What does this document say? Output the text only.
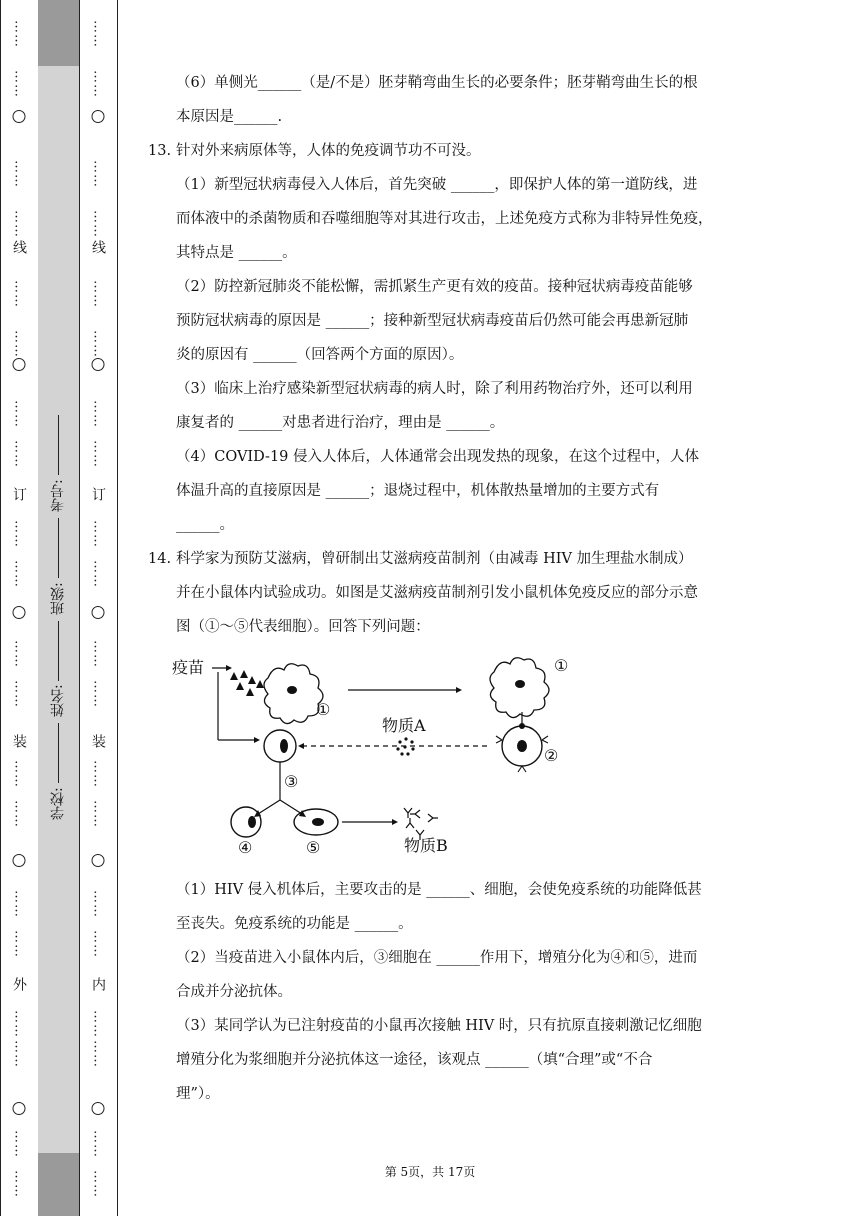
……
……
……
……
……
……
……
……
……
……
……
……
……
……
……
……
……
……
……
……
外
装
订
线
……
……
……
……
……
……
……
……
……
……
……
……
……
……
……
……
……
……
……
……
内
装
订
线
学校:
姓名:
班级:
考号:

（6）单侧光______（是/不是）胚芽鞘弯曲生长的必要条件；胚芽鞘弯曲生长的根
本原因是______.

13. 针对外来病原体等，人体的免疫调节功不可没。

（1）新型冠状病毒侵入人体后，首先突破 ______，即保护人体的第一道防线，进
而体液中的杀菌物质和吞噬细胞等对其进行攻击，上述免疫方式称为非特异性免疫，
其特点是 ______。

（2）防控新冠肺炎不能松懈，需抓紧生产更有效的疫苗。接种冠状病毒疫苗能够
预防冠状病毒的原因是 ______；接种新型冠状病毒疫苗后仍然可能会再患新冠肺
炎的原因有 ______（回答两个方面的原因）。

（3）临床上治疗感染新型冠状病毒的病人时，除了利用药物治疗外，还可以利用
康复者的 ______对患者进行治疗，理由是 ______。

（4）COVID-19 侵入人体后，人体通常会出现发热的现象，在这个过程中，人体
体温升高的直接原因是 ______；退烧过程中，机体散热量增加的主要方式有
______。

14. 科学家为预防艾滋病，曾研制出艾滋病疫苗制剂（由减毒 HIV 加生理盐水制成）
并在小鼠体内试验成功。如图是艾滋病疫苗制剂引发小鼠机体免疫反应的部分示意
图（①～⑤代表细胞）。回答下列问题：

疫苗
①
①
物质A
②
③
④	⑤	物质B

（1）HIV 侵入机体后，主要攻击的是 ______、细胞，会使免疫系统的功能降低甚
至丧失。免疫系统的功能是 ______。

（2）当疫苗进入小鼠体内后，③细胞在 ______作用下，增殖分化为④和⑤，进而
合成并分泌抗体。

（3）某同学认为已注射疫苗的小鼠再次接触 HIV 时，只有抗原直接刺激记忆细胞
增殖分化为浆细胞并分泌抗体这一途径，该观点 ______（填“合理”或“不合
理”）。

第 5页，共 17页
